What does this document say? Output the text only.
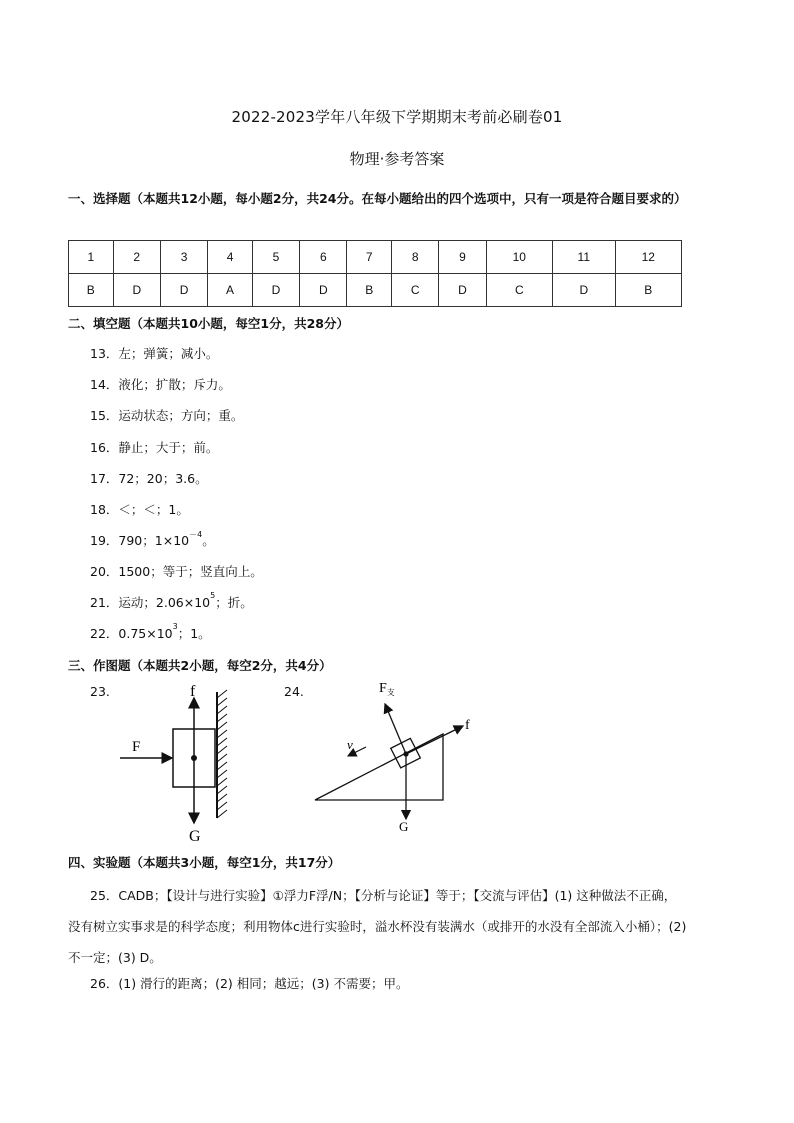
2022-2023学年八年级下学期期末考前必刷卷01
物理·参考答案
一、选择题（本题共12小题，每小题2分，共24分。在每小题给出的四个选项中，只有一项是符合题目要求的）
1	2	3	4	5	6	7	8	9	10	11	12
B	D	D	A	D	D	B	C	D	C	D	B
二、填空题（本题共10小题，每空1分，共28分）
13．左；弹簧；减小。
14．液化；扩散；斥力。
15．运动状态；方向；重。
16．静止；大于；前。
17．72；20；3.6。
18．＜；＜；1。
19．790；$1\times 10^{-4}$。
20．1500；等于；竖直向上。
21．运动；$2.06\times 10^5$；折。
22．$0.75\times 10^3$；1。
三、作图题（本题共2小题，每空2分，共4分）
23.	24.
f
F
G
$F_支$
f
v
G
四、实验题（本题共3小题，每空1分，共17分）
25．CADB；【设计与进行实验】①浮力F浮/N；【分析与论证】等于；【交流与评估】(1) 这种做法不正确，没有树立实事求是的科学态度；利用物体c进行实验时，溢水杯没有装满水（或排开的水没有全部流入小桶）；(2) 不一定；(3) D。
26．(1) 滑行的距离；(2) 相同；越远；(3) 不需要；甲。
